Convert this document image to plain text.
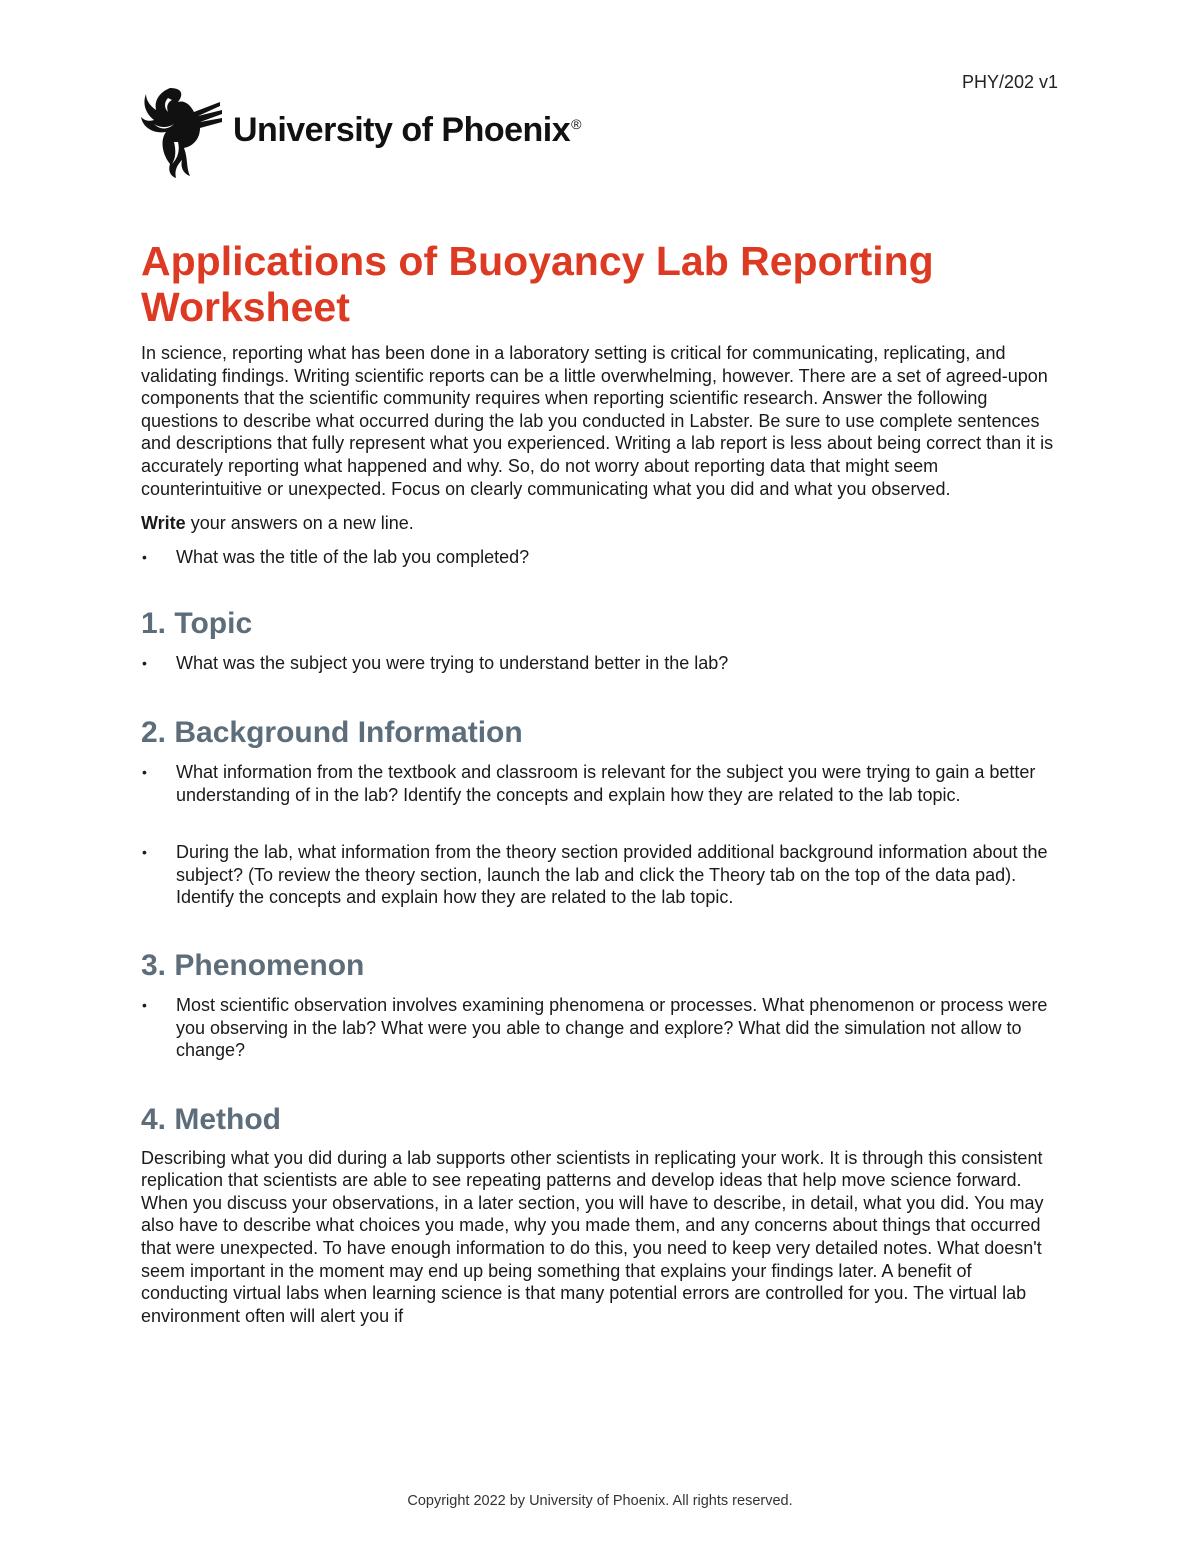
PHY/202 v1
University of Phoenix®
Applications of Buoyancy Lab Reporting Worksheet

In science, reporting what has been done in a laboratory setting is critical for communicating, replicating, and validating findings. Writing scientific reports can be a little overwhelming, however. There are a set of agreed-upon components that the scientific community requires when reporting scientific research. Answer the following questions to describe what occurred during the lab you conducted in Labster. Be sure to use complete sentences and descriptions that fully represent what you experienced. Writing a lab report is less about being correct than it is accurately reporting what happened and why. So, do not worry about reporting data that might seem counterintuitive or unexpected. Focus on clearly communicating what you did and what you observed.

Write your answers on a new line.

• What was the title of the lab you completed?
1. Topic
• What was the subject you were trying to understand better in the lab?
2. Background Information
• What information from the textbook and classroom is relevant for the subject you were trying to gain a better understanding of in the lab? Identify the concepts and explain how they are related to the lab topic.
• During the lab, what information from the theory section provided additional background information about the subject? (To review the theory section, launch the lab and click the Theory tab on the top of the data pad). Identify the concepts and explain how they are related to the lab topic.
3. Phenomenon
• Most scientific observation involves examining phenomena or processes. What phenomenon or process were you observing in the lab? What were you able to change and explore? What did the simulation not allow to change?
4. Method

Describing what you did during a lab supports other scientists in replicating your work. It is through this consistent replication that scientists are able to see repeating patterns and develop ideas that help move science forward. When you discuss your observations, in a later section, you will have to describe, in detail, what you did. You may also have to describe what choices you made, why you made them, and any concerns about things that occurred that were unexpected. To have enough information to do this, you need to keep very detailed notes. What doesn't seem important in the moment may end up being something that explains your findings later. A benefit of conducting virtual labs when learning science is that many potential errors are controlled for you. The virtual lab environment often will alert you if

Copyright 2022 by University of Phoenix. All rights reserved.
